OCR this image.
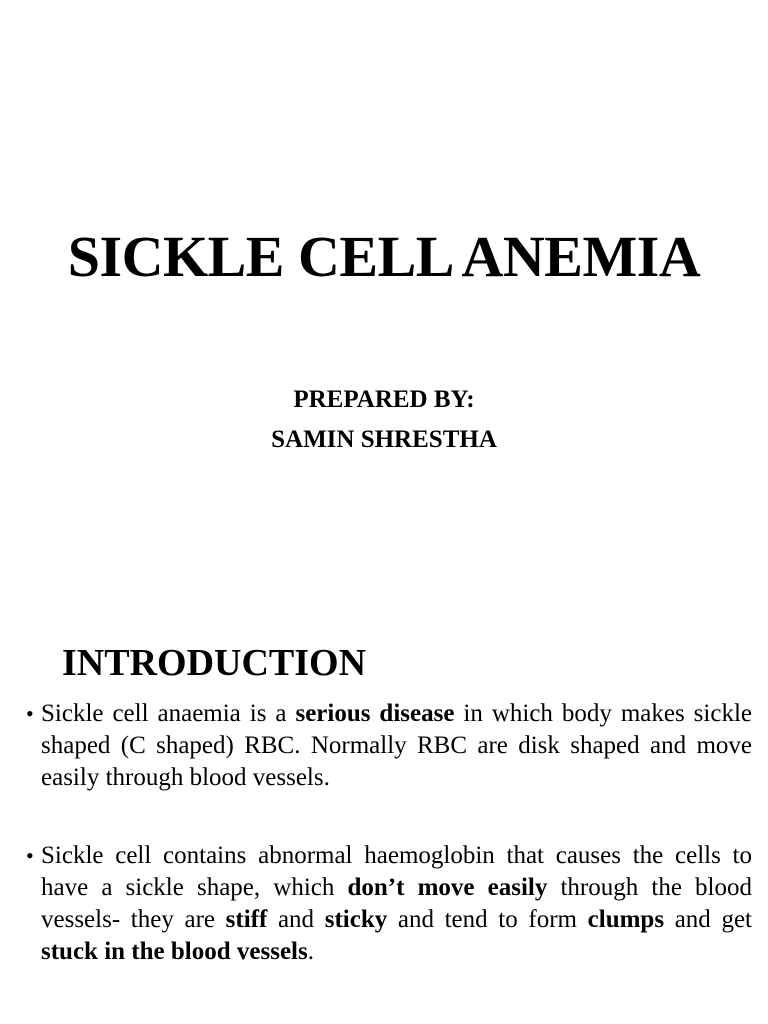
SICKLE CELL ANEMIA
PREPARED BY:
SAMIN SHRESTHA
INTRODUCTION
• Sickle cell anaemia is a serious disease in which body makes sickle shaped (C shaped) RBC. Normally RBC are disk shaped and move easily through blood vessels.
• Sickle cell contains abnormal haemoglobin that causes the cells to have a sickle shape, which don’t move easily through the blood vessels- they are stiff and sticky and tend to form clumps and get stuck in the blood vessels.
